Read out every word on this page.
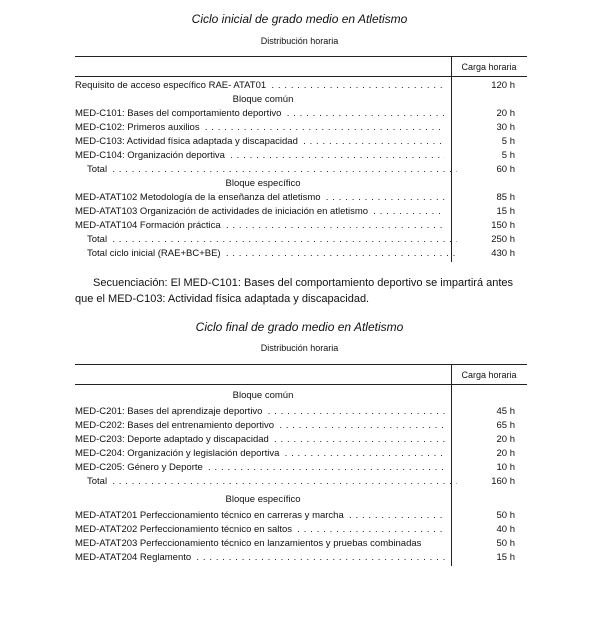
Ciclo inicial de grado medio en Atletismo
Distribución horaria
Carga horaria
Requisito de acceso específico RAE- ATAT01 . . .	120 h
Bloque común
MED-C101: Bases del comportamiento deportivo . . .	20 h
MED-C102: Primeros auxilios . . .	30 h
MED-C103: Actividad física adaptada y discapacidad . . .	5 h
MED-C104: Organización deportiva . . .	5 h
Total . . .	60 h
Bloque específico
MED-ATAT102 Metodología de la enseñanza del atletismo . . .	85 h
MED-ATAT103 Organización de actividades de iniciación en atletismo . . .	15 h
MED-ATAT104 Formación práctica . . .	150 h
Total . . .	250 h
Total ciclo inicial (RAE+BC+BE) . . .	430 h
Secuenciación: El MED-C101: Bases del comportamiento deportivo se impartirá antes que el MED-C103: Actividad física adaptada y discapacidad.
Ciclo final de grado medio en Atletismo
Distribución horaria
Carga horaria
Bloque común
MED-C201: Bases del aprendizaje deportivo . . .	45 h
MED-C202: Bases del entrenamiento deportivo . . .	65 h
MED-C203: Deporte adaptado y discapacidad . . .	20 h
MED-C204: Organización y legislación deportiva . . .	20 h
MED-C205: Género y Deporte . . .	10 h
Total . . .	160 h
Bloque específico
MED-ATAT201 Perfeccionamiento técnico en carreras y marcha . . .	50 h
MED-ATAT202 Perfeccionamiento técnico en saltos . . .	40 h
MED-ATAT203 Perfeccionamiento técnico en lanzamientos y pruebas combinadas	50 h
MED-ATAT204 Reglamento . . .	15 h
